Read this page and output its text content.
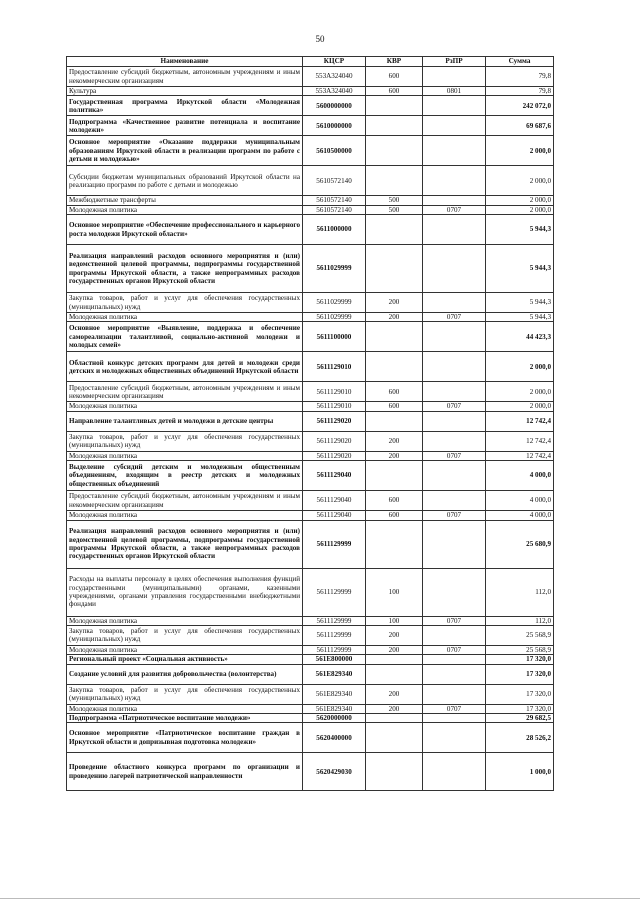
50
Наименование	КЦСР	КВР	РзПР	Сумма
Предоставление субсидий бюджетным, автономным учреждениям и иным некоммерческим организациям	553А324040	600		79,8
Культура	553А324040	600	0801	79,8
Государственная программа Иркутской области «Молодежная политика»	5600000000			242 072,0
Подпрограмма «Качественное развитие потенциала и воспитание молодежи»	5610000000			69 687,6
Основное мероприятие «Оказание поддержки муниципальным образованиям Иркутской области в реализации программ по работе с детьми и молодежью»	5610500000			2 000,0
Субсидии бюджетам муниципальных образований Иркутской области на реализацию программ по работе с детьми и молодежью	5610572140			2 000,0
Межбюджетные трансферты	5610572140	500		2 000,0
Молодежная политика	5610572140	500	0707	2 000,0
Основное мероприятие «Обеспечение профессионального и карьерного роста молодежи Иркутской области»	5611000000			5 944,3
Реализация направлений расходов основного мероприятия и (или) ведомственной целевой программы, подпрограммы государственной программы Иркутской области, а также непрограммных расходов государственных органов Иркутской области	5611029999			5 944,3
Закупка товаров, работ и услуг для обеспечения государственных (муниципальных) нужд	5611029999	200		5 944,3
Молодежная политика	5611029999	200	0707	5 944,3
Основное мероприятие «Выявление, поддержка и обеспечение самореализации талантливой, социально-активной молодежи и молодых семей»	5611100000			44 423,3
Областной конкурс детских программ для детей и молодежи среди детских и молодежных общественных объединений Иркутской области	5611129010			2 000,0
Предоставление субсидий бюджетным, автономным учреждениям и иным некоммерческим организациям	5611129010	600		2 000,0
Молодежная политика	5611129010	600	0707	2 000,0
Направление талантливых детей и молодежи в детские центры	5611129020			12 742,4
Закупка товаров, работ и услуг для обеспечения государственных (муниципальных) нужд	5611129020	200		12 742,4
Молодежная политика	5611129020	200	0707	12 742,4
Выделение субсидий детским и молодежным общественным объединениям, входящим в реестр детских и молодежных общественных объединений	5611129040			4 000,0
Предоставление субсидий бюджетным, автономным учреждениям и иным некоммерческим организациям	5611129040	600		4 000,0
Молодежная политика	5611129040	600	0707	4 000,0
Реализация направлений расходов основного мероприятия и (или) ведомственной целевой программы, подпрограммы государственной программы Иркутской области, а также непрограммных расходов государственных органов Иркутской области	5611129999			25 680,9
Расходы на выплаты персоналу в целях обеспечения выполнения функций государственными (муниципальными) органами, казенными учреждениями, органами управления государственными внебюджетными фондами	5611129999	100		112,0
Молодежная политика	5611129999	100	0707	112,0
Закупка товаров, работ и услуг для обеспечения государственных (муниципальных) нужд	5611129999	200		25 568,9
Молодежная политика	5611129999	200	0707	25 568,9
Региональный проект «Социальная активность»	561E800000			17 320,0
Создание условий для развития добровольчества (волонтерства)	561E829340			17 320,0
Закупка товаров, работ и услуг для обеспечения государственных (муниципальных) нужд	561E829340	200		17 320,0
Молодежная политика	561E829340	200	0707	17 320,0
Подпрограмма «Патриотическое воспитание молодежи»	5620000000			29 682,5
Основное мероприятие «Патриотическое воспитание граждан в Иркутской области и допризывная подготовка молодежи»	5620400000			28 526,2
Проведение областного конкурса программ по организации и проведению лагерей патриотической направленности	5620429030			1 000,0
